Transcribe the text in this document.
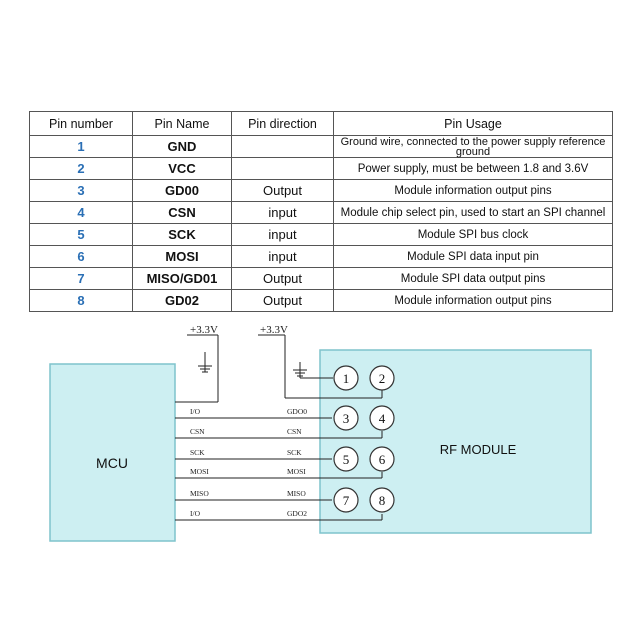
Pin number	Pin Name	Pin direction	Pin Usage
1	GND		Ground wire, connected to the power supply reference ground
2	VCC		Power supply, must be between 1.8 and 3.6V
3	GD00	Output	Module information output pins
4	CSN	input	Module chip select pin, used to start an SPI channel
5	SCK	input	Module SPI bus clock
6	MOSI	input	Module SPI data input pin
7	MISO/GD01	Output	Module SPI data output pins
8	GD02	Output	Module information output pins
MCU
RF MODULE
+3.3V	+3.3V
I/O
CSN
SCK
MOSI
MISO
I/O
GDO0
CSN
SCK
MOSI
MISO
GDO2
1 2
3 4
5 6
7 8
